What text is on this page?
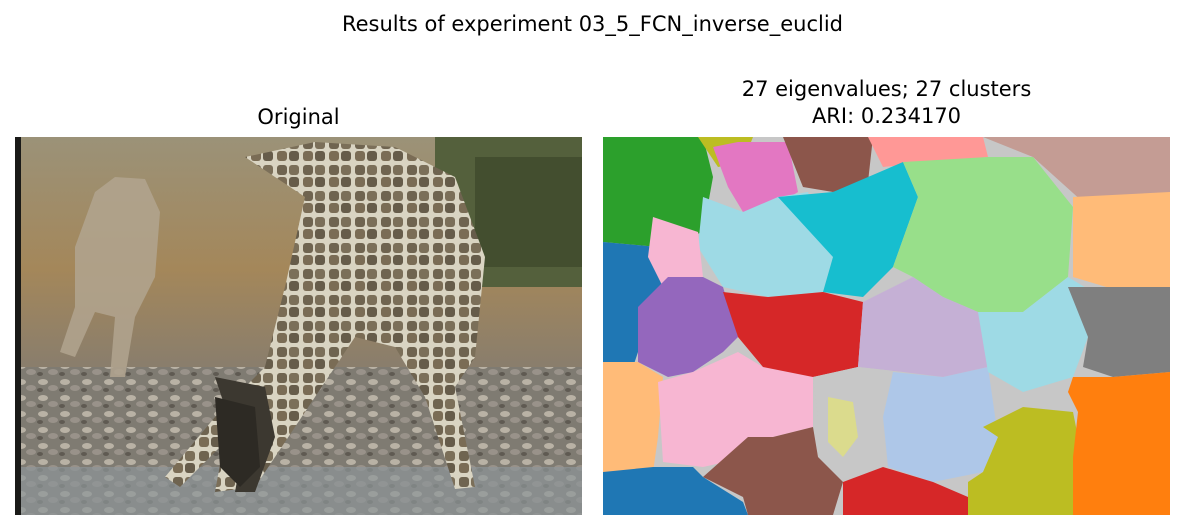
Results of experiment 03_5_FCN_inverse_euclid
Original
27 eigenvalues; 27 clusters
ARI: 0.234170
